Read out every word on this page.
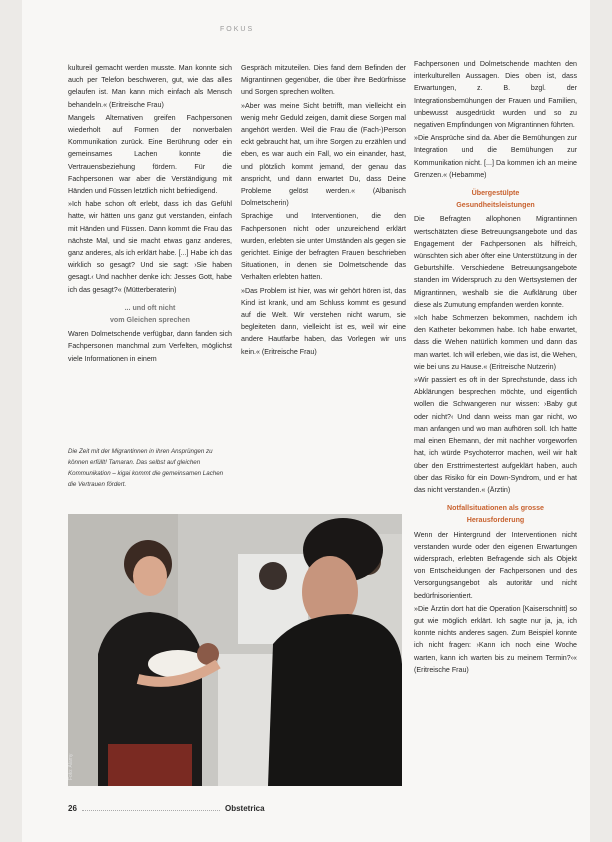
FOKUS

kultureil gemacht werden musste. Man konnte sich auch per Telefon beschweren, gut, wie das alles gelaufen ist. Man kann mich einfach als Mensch behandeln.« (Eritreische Frau)

Mangels Alternativen greifen Fachpersonen wiederholt auf Formen der nonverbalen Kommunikation zurück. Eine Berührung oder ein gemeinsames Lachen konnte die Vertrauensbeziehung fördern. Für die Fachpersonen war aber die Verständigung mit Händen und Füssen letztlich nicht befriedigend.

»Ich habe schon oft erlebt, dass ich das Gefühl hatte, wir hätten uns ganz gut verstanden, einfach mit Händen und Füssen. Dann kommt die Frau das nächste Mal, und sie macht etwas ganz anderes, ganz anderes, als ich erklärt habe. [...] Habe ich das wirklich so gesagt? Und sie sagt: ›Sie haben gesagt.‹ Und nachher denke ich: Jesses Gott, habe ich das gesagt?« (Mütterberaterin)

... und oft nicht
vom Gleichen sprechen

Waren Dolmetschende verfügbar, dann fanden sich Fachpersonen manchmal zum Verfelten, möglichst viele Informationen in einem

Gespräch mitzuteilen. Dies fand dem Befinden der Migrantinnen gegenüber, die über ihre Bedürfnisse und Sorgen sprechen wollten.

»Aber was meine Sicht betrifft, man vielleicht ein wenig mehr Geduld zeigen, damit diese Sorgen mal angehört werden. Weil die Frau die (Fach-)Person eckt gebraucht hat, um ihre Sorgen zu erzählen und eben, es war auch ein Fall, wo ein einander, hast, und plötzlich kommt jemand, der genau das anspricht, und dann erwartet Du, dass Deine Probleme gelöst werden.« (Albanisch Dolmetscherin)

Sprachige und Interventionen, die den Fachpersonen nicht oder unzureichend erklärt wurden, erlebten sie unter Umständen als gegen sie gerichtet. Einige der befragten Frauen beschrieben Situationen, in denen sie Dolmetschende das Verhalten erlebten hatten.

»Das Problem ist hier, was wir gehört hören ist, das Kind ist krank, und am Schluss kommt es gesund auf die Welt. Wir verstehen nicht warum, sie begleiteten dann, vielleicht ist es, weil wir eine andere Hautfarbe haben, das Vorlegen wir uns kein.« (Eritreische Frau)

Fachpersonen und Dolmetschende machten den interkulturellen Aussagen. Dies oben ist, dass Erwartungen, z. B. bzgl. der Integrationsbemühungen der Frauen und Familien, unbewusst ausgedrückt wurden und so zu negativen Empfindungen von Migrantinnen führten.

»Die Ansprüche sind da. Aber die Bemühungen zur Integration und die Bemühungen zur Kommunikation nicht. [...] Da kommen ich an meine Grenzen.« (Hebamme)

Übergestülpte
Gesundheitsleistungen

Die Befragten allophonen Migrantinnen wertschätzten diese Betreuungsangebote und das Engagement der Fachpersonen als hilfreich, wünschten sich aber öfter eine Unterstützung in der Geburtshilfe. Verschiedene Betreuungsangebote standen im Widerspruch zu den Wertsystemen der Migrantinnen, weshalb sie die Aufklärung über diese als Zumutung empfanden werden konnte.

»Ich habe Schmerzen bekommen, nachdem ich den Katheter bekommen habe. Ich habe erwartet, dass die Wehen natürlich kommen und dann das man wartet. Ich will erleben, wie das ist, die Wehen, wie bei uns zu Hause.« (Eritreische Nutzerin)

»Wir passiert es oft in der Sprechstunde, dass ich Abklärungen besprechen möchte, und eigentlich wollen die Schwangeren nur wissen: ›Baby gut oder nicht?‹ Und dann weiss man gar nicht, wo man anfangen und wo man aufhören soll. Ich hatte mal einen Ehemann, der mit nachher vorgeworfen hat, ich würde Psychoterror machen, weil wir halt über den Ersttrimestertest aufgeklärt haben, auch über das Risiko für ein Down-Syndrom, und er hat das nicht verstanden.« (Ärztin)

Notfallsituationen als grosse
Herausforderung

Wenn der Hintergrund der Interventionen nicht verstanden wurde oder den eigenen Erwartungen widersprach, erlebten Befragende sich als Objekt von Entscheidungen der Fachpersonen und des Versorgungsangebot als autoritär und nicht bedürfnisorientiert.

»Die Ärztin dort hat die Operation [Kaiserschnitt] so gut wie möglich erklärt. Ich sagte nur ja, ja, ich konnte nichts anderes sagen. Zum Beispiel konnte ich nicht fragen: ›Kann ich noch eine Woche warten, kann ich warten bis zu meinem Termin?‹« (Eritreische Frau)

Die Zeit mit der Migrantinnen in ihren Ansprüngen zu können erfüllt! Tamaran. Das selbst auf gleichen Kommunikation – kigai kommt die gemeinsamen Lachen die Vertrauen fördert.
Foto: Alamy
26	Obstetrica
